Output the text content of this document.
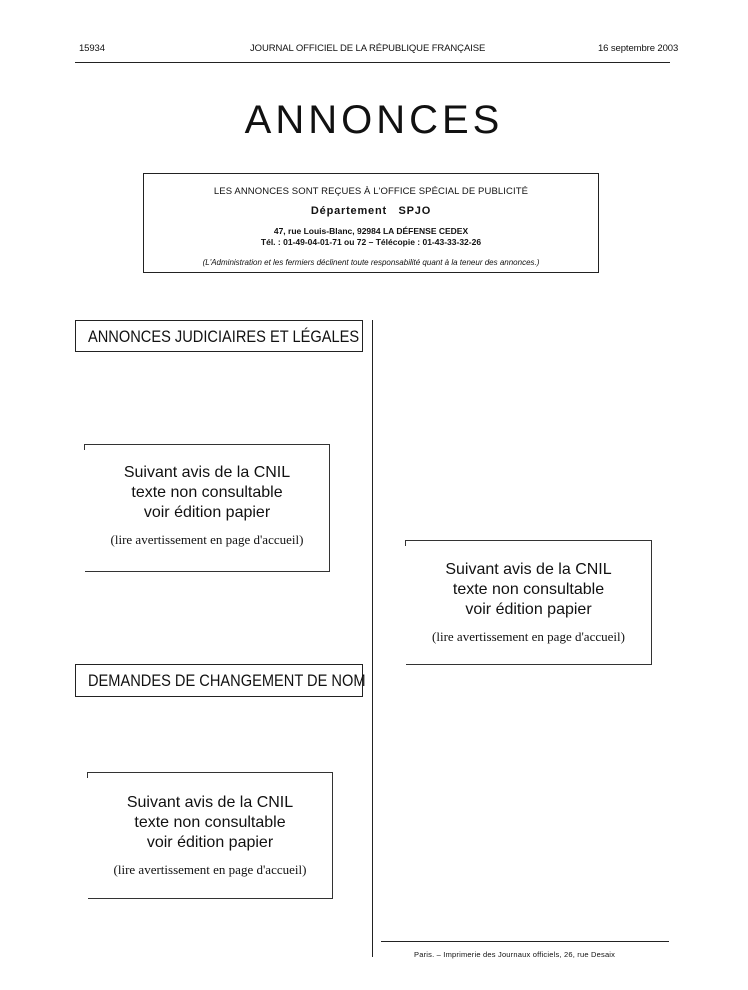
15934	JOURNAL OFFICIEL DE LA RÉPUBLIQUE FRANÇAISE	16 septembre 2003
ANNONCES
LES ANNONCES SONT REÇUES À L'OFFICE SPÉCIAL DE PUBLICITÉ
Département   SPJO
47, rue Louis-Blanc, 92984 LA DÉFENSE CEDEX
Tél. : 01-49-04-01-71 ou 72 – Télécopie : 01-43-33-32-26
(L'Administration et les fermiers déclinent toute responsabilité quant à la teneur des annonces.)
ANNONCES JUDICIAIRES ET LÉGALES
Suivant avis de la CNIL
texte non consultable
voir édition papier
(lire avertissement en page d'accueil)
DEMANDES DE CHANGEMENT DE NOM
Suivant avis de la CNIL
texte non consultable
voir édition papier
(lire avertissement en page d'accueil)
Suivant avis de la CNIL
texte non consultable
voir édition papier
(lire avertissement en page d'accueil)
Paris. – Imprimerie des Journaux officiels, 26, rue Desaix
